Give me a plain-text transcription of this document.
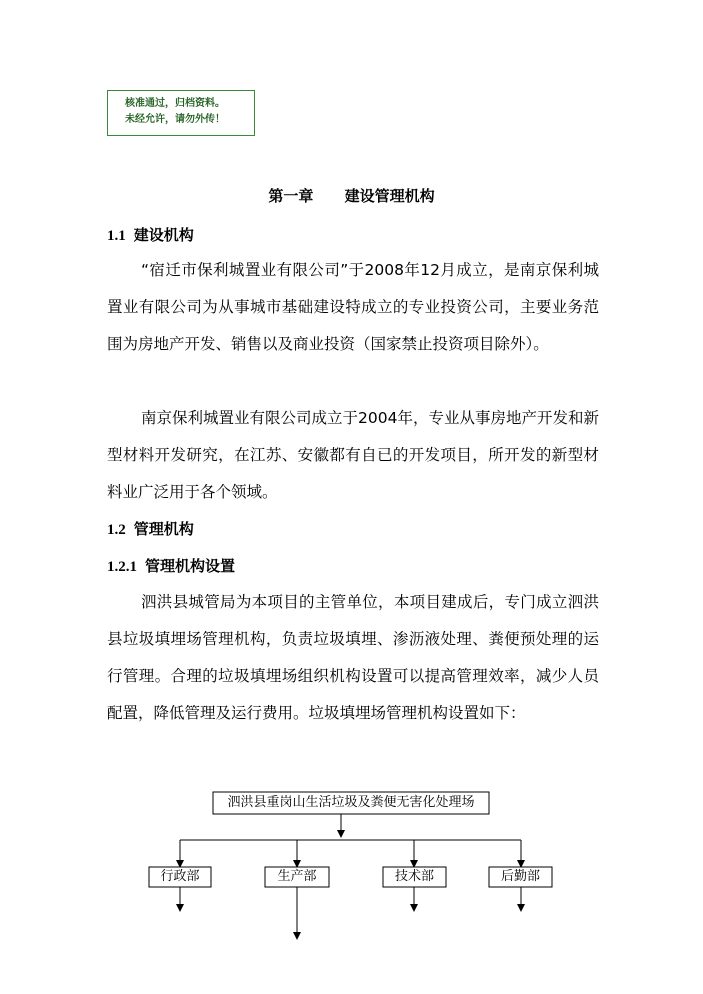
核准通过，归档资料。
未经允许，请勿外传！
第一章 建设管理机构
1.1 建设机构

“宿迁市保利城置业有限公司”于2008年12月成立，是南京保利城置业有限公司为从事城市基础建设特成立的专业投资公司，主要业务范围为房地产开发、销售以及商业投资（国家禁止投资项目除外）。

南京保利城置业有限公司成立于2004年，专业从事房地产开发和新型材料开发研究，在江苏、安徽都有自已的开发项目，所开发的新型材料业广泛用于各个领域。

1.2 管理机构
1.2.1 管理机构设置

泗洪县城管局为本项目的主管单位，本项目建成后，专门成立泗洪县垃圾填埋场管理机构，负责垃圾填埋、渗沥液处理、粪便预处理的运行管理。合理的垃圾填埋场组织机构设置可以提高管理效率，减少人员配置，降低管理及运行费用。垃圾填埋场管理机构设置如下：

泗洪县重岗山生活垃圾及粪便无害化处理场
行政部	生产部	技术部	后勤部
